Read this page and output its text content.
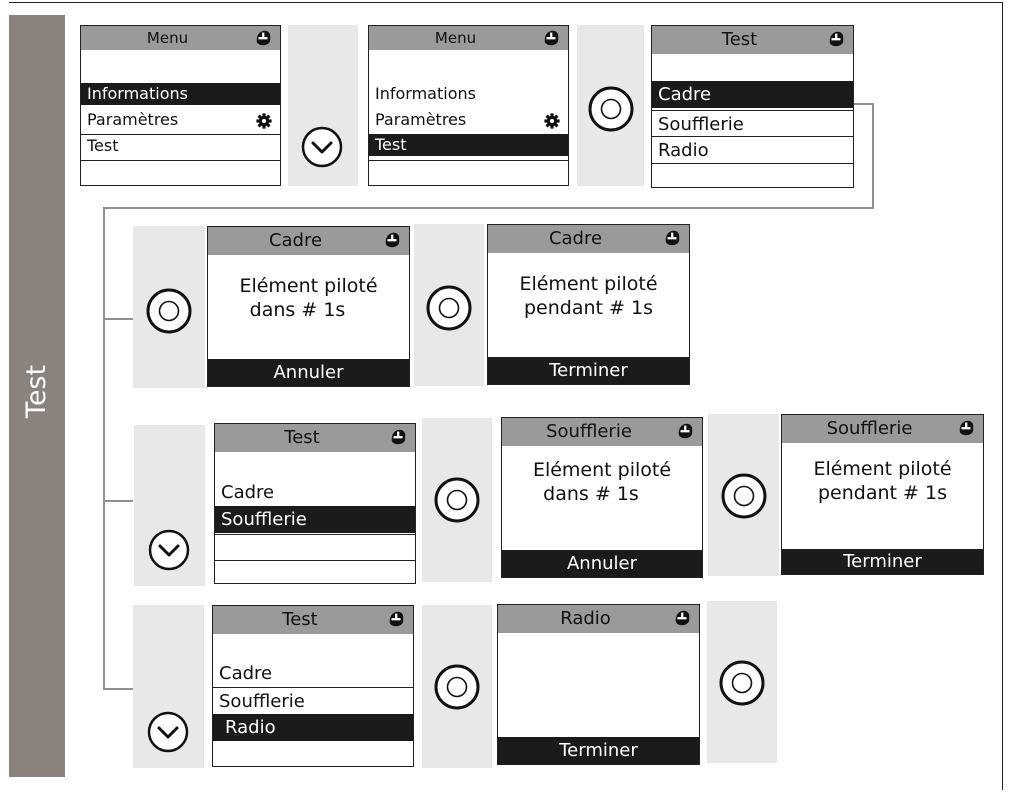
Test
Menu
Informations
Paramètres
Test
Menu
Informations
Paramètres
Test
Test
Cadre
Soufflerie
Radio
Cadre
Elément piloté
dans # 1s
Annuler
Cadre
Elément piloté
pendant # 1s
Terminer
Test
Cadre
Soufflerie
Soufflerie
Elément piloté
dans # 1s
Annuler
Soufflerie
Elément piloté
pendant # 1s
Terminer
Test
Cadre
Soufflerie
Radio
Radio
Terminer
